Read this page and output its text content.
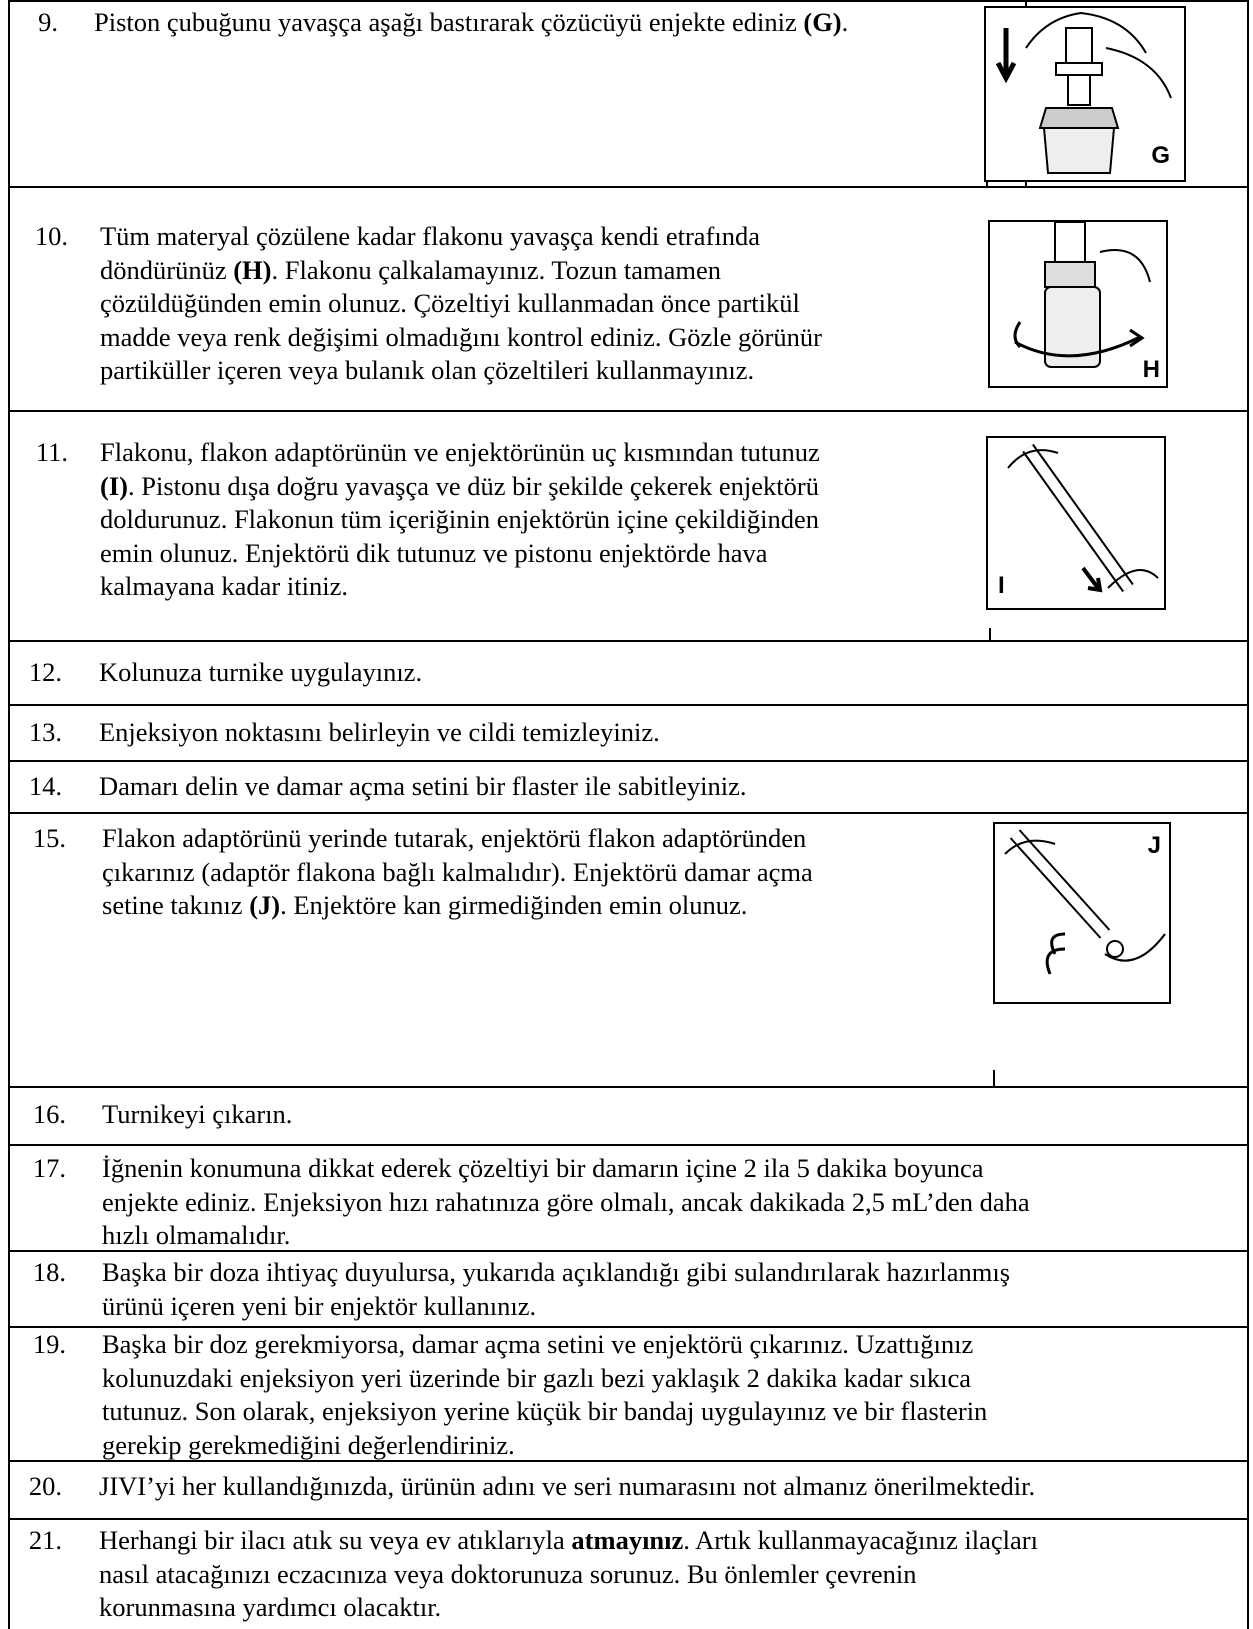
9. Piston çubuğunu yavaşça aşağı bastırarak çözücüyü enjekte ediniz (G).
G
10. Tüm materyal çözülene kadar flakonu yavaşça kendi etrafında
döndürünüz (H). Flakonu çalkalamayınız. Tozun tamamen
çözüldüğünden emin olunuz. Çözeltiyi kullanmadan önce partikül
madde veya renk değişimi olmadığını kontrol ediniz. Gözle görünür
partiküller içeren veya bulanık olan çözeltileri kullanmayınız.	H
11. Flakonu, flakon adaptörünün ve enjektörünün uç kısmından tutunuz
(I). Pistonu dışa doğru yavaşça ve düz bir şekilde çekerek enjektörü
doldurunuz. Flakonun tüm içeriğinin enjektörün içine çekildiğinden
emin olunuz. Enjektörü dik tutunuz ve pistonu enjektörde hava
kalmayana kadar itiniz.	I
12. Kolunuza turnike uygulayınız.
13. Enjeksiyon noktasını belirleyin ve cildi temizleyiniz.
14. Damarı delin ve damar açma setini bir flaster ile sabitleyiniz.
15. Flakon adaptörünü yerinde tutarak, enjektörü flakon adaptöründen
çıkarınız (adaptör flakona bağlı kalmalıdır). Enjektörü damar açma
setine takınız (J). Enjektöre kan girmediğinden emin olunuz.
J
16. Turnikeyi çıkarın.
17. İğnenin konumuna dikkat ederek çözeltiyi bir damarın içine 2 ila 5 dakika boyunca
enjekte ediniz. Enjeksiyon hızı rahatınıza göre olmalı, ancak dakikada 2,5 mL’den daha
hızlı olmamalıdır.
18. Başka bir doza ihtiyaç duyulursa, yukarıda açıklandığı gibi sulandırılarak hazırlanmış
ürünü içeren yeni bir enjektör kullanınız.
19. Başka bir doz gerekmiyorsa, damar açma setini ve enjektörü çıkarınız. Uzattığınız
kolunuzdaki enjeksiyon yeri üzerinde bir gazlı bezi yaklaşık 2 dakika kadar sıkıca
tutunuz. Son olarak, enjeksiyon yerine küçük bir bandaj uygulayınız ve bir flasterin
gerekip gerekmediğini değerlendiriniz.
20. JIVI’yi her kullandığınızda, ürünün adını ve seri numarasını not almanız önerilmektedir.
21. Herhangi bir ilacı atık su veya ev atıklarıyla atmayınız. Artık kullanmayacağınız ilaçları
nasıl atacağınızı eczacınıza veya doktorunuza sorunuz. Bu önlemler çevrenin
korunmasına yardımcı olacaktır.
